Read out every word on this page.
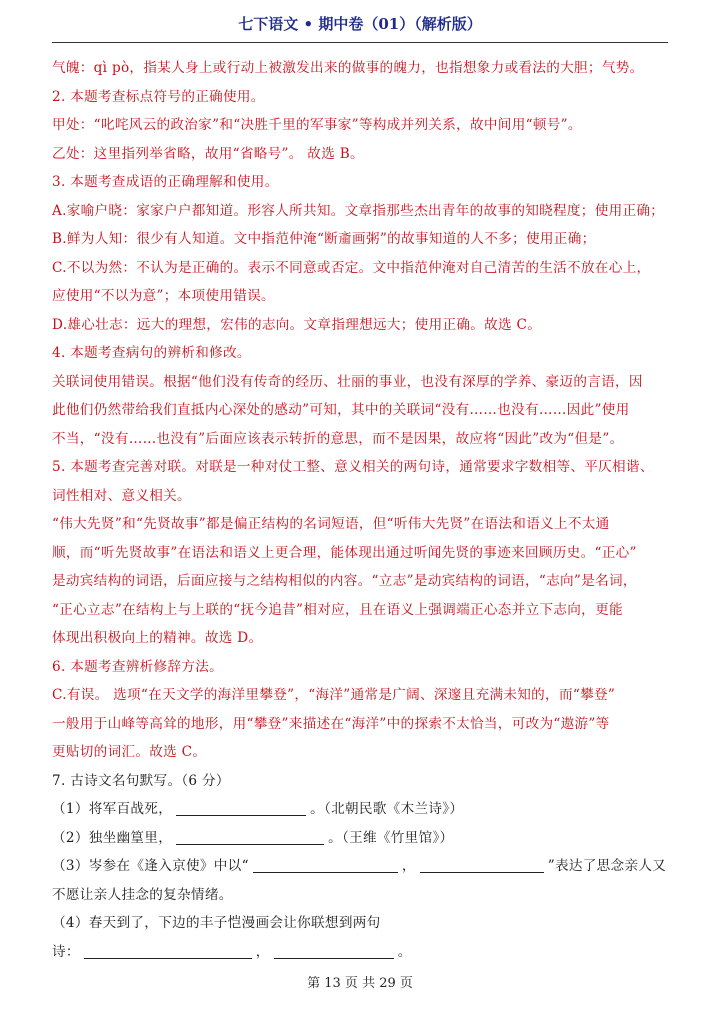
七下语文 • 期中卷（01）（解析版）
气魄：qì pò，指某人身上或行动上被激发出来的做事的魄力，也指想象力或看法的大胆；气势。
2. 本题考查标点符号的正确使用。
甲处：“叱咤风云的政治家”和“决胜千里的军事家”等构成并列关系，故中间用“顿号”。
乙处：这里指列举省略，故用“省略号”。 故选 B。
3. 本题考查成语的正确理解和使用。
A.家喻户晓：家家户户都知道。形容人所共知。文章指那些杰出青年的故事的知晓程度；使用正确；
B.鲜为人知：很少有人知道。文中指范仲淹“断齑画粥”的故事知道的人不多；使用正确；
C.不以为然：不认为是正确的。表示不同意或否定。文中指范仲淹对自己清苦的生活不放在心上，
应使用“不以为意”；本项使用错误。
D.雄心壮志：远大的理想，宏伟的志向。文章指理想远大；使用正确。故选 C。
4. 本题考查病句的辨析和修改。
关联词使用错误。根据“他们没有传奇的经历、壮丽的事业，也没有深厚的学养、豪迈的言语，因
此他们仍然带给我们直抵内心深处的感动”可知，其中的关联词“没有……也没有……因此”使用
不当，“没有……也没有”后面应该表示转折的意思，而不是因果，故应将“因此”改为“但是”。
5. 本题考查完善对联。对联是一种对仗工整、意义相关的两句诗，通常要求字数相等、平仄相谐、
词性相对、意义相关。
“伟大先贤”和“先贤故事”都是偏正结构的名词短语，但“听伟大先贤”在语法和语义上不太通
顺，而“听先贤故事”在语法和语义上更合理，能体现出通过听闻先贤的事迹来回顾历史。“正心”
是动宾结构的词语，后面应接与之结构相似的内容。“立志”是动宾结构的词语，“志向”是名词，
“正心立志”在结构上与上联的“抚今追昔”相对应，且在语义上强调端正心态并立下志向，更能
体现出积极向上的精神。故选 D。
6. 本题考查辨析修辞方法。
C.有误。 选项“在天文学的海洋里攀登”，“海洋”通常是广阔、深邃且充满未知的，而“攀登”
一般用于山峰等高耸的地形，用“攀登”来描述在“海洋”中的探索不太恰当，可改为“遨游”等
更贴切的词汇。故选 C。
7. 古诗文名句默写。（6 分）
（1）将军百战死，	。（北朝民歌《木兰诗》）
（2）独坐幽篁里，	。（王维《竹里馆》）
（3）岑参在《逢入京使》中以“	，	”表达了思念亲人又
不愿让亲人挂念的复杂情绪。
（4）春天到了，下边的丰子恺漫画会让你联想到两句
诗：	，	。
第 13 页 共 29 页
